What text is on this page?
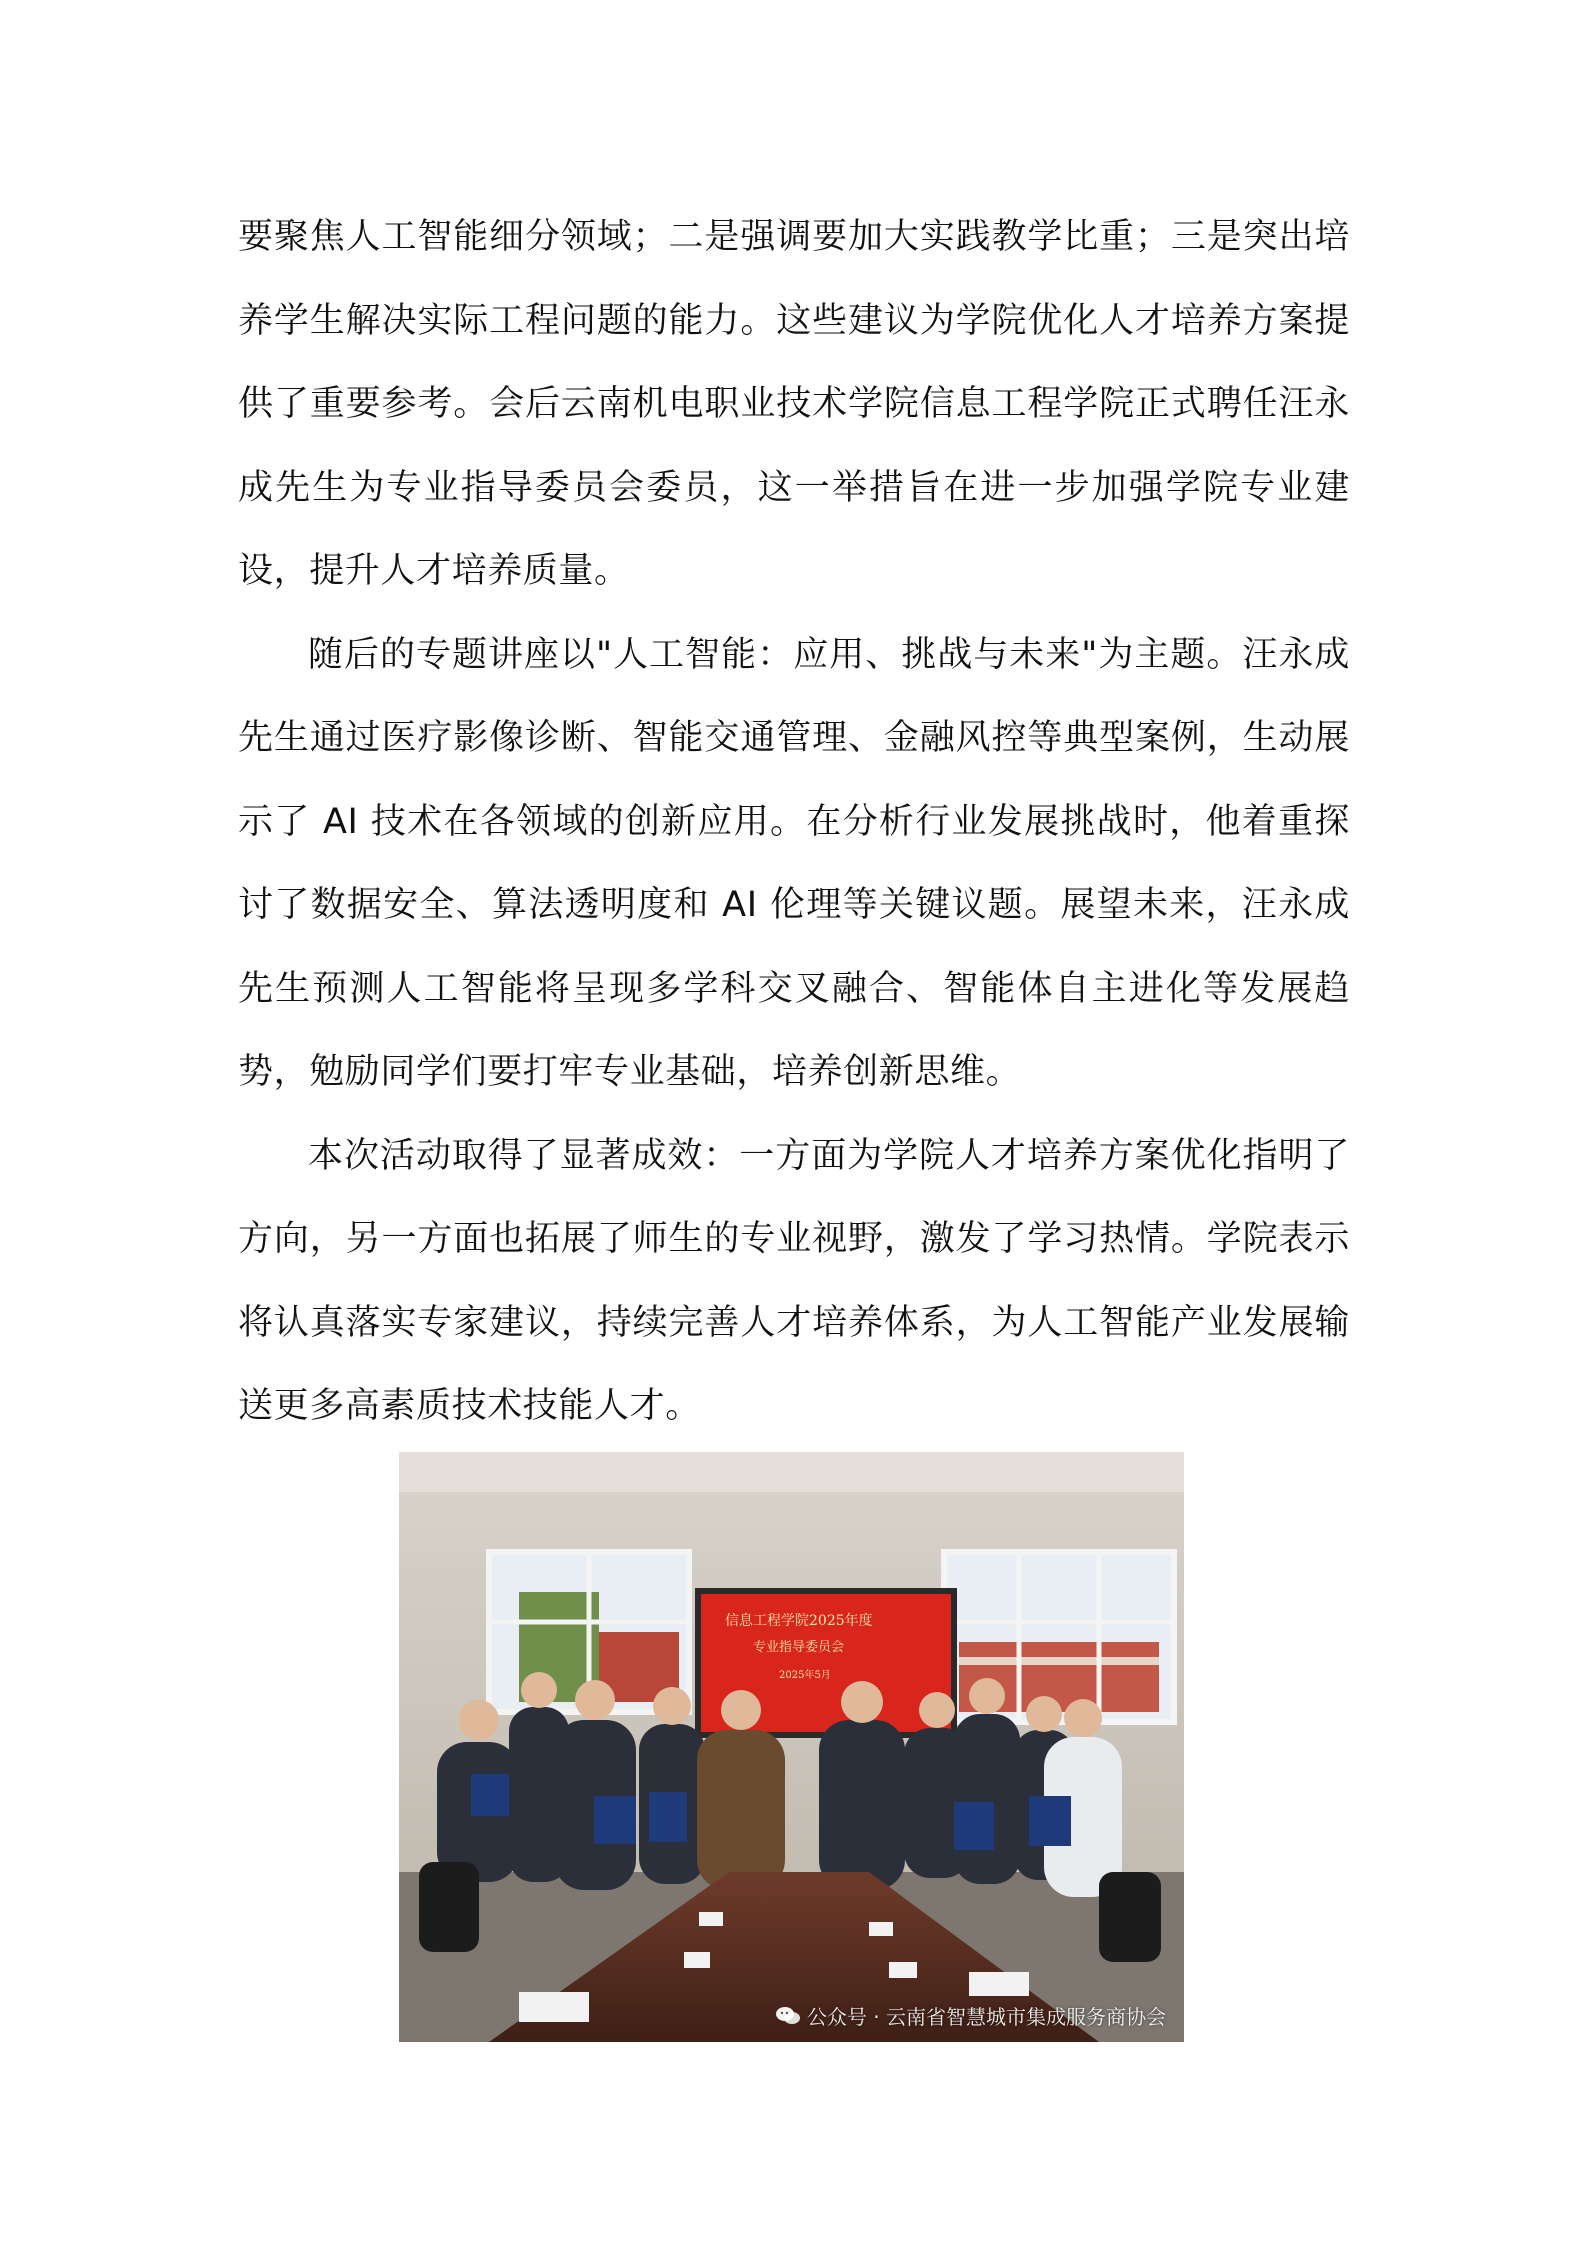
要聚焦人工智能细分领域；二是强调要加大实践教学比重；三是突出培养学生解决实际工程问题的能力。这些建议为学院优化人才培养方案提供了重要参考。会后云南机电职业技术学院信息工程学院正式聘任汪永成先生为专业指导委员会委员，这一举措旨在进一步加强学院专业建设，提升人才培养质量。

随后的专题讲座以"人工智能：应用、挑战与未来"为主题。汪永成先生通过医疗影像诊断、智能交通管理、金融风控等典型案例，生动展示了 AI 技术在各领域的创新应用。在分析行业发展挑战时，他着重探讨了数据安全、算法透明度和 AI 伦理等关键议题。展望未来，汪永成先生预测人工智能将呈现多学科交叉融合、智能体自主进化等发展趋势，勉励同学们要打牢专业基础，培养创新思维。

本次活动取得了显著成效：一方面为学院人才培养方案优化指明了方向，另一方面也拓展了师生的专业视野，激发了学习热情。学院表示将认真落实专家建议，持续完善人才培养体系，为人工智能产业发展输送更多高素质技术技能人才。

信息工程学院2025年度
专业指导委员会
2025年5月
公众号 · 云南省智慧城市集成服务商协会
